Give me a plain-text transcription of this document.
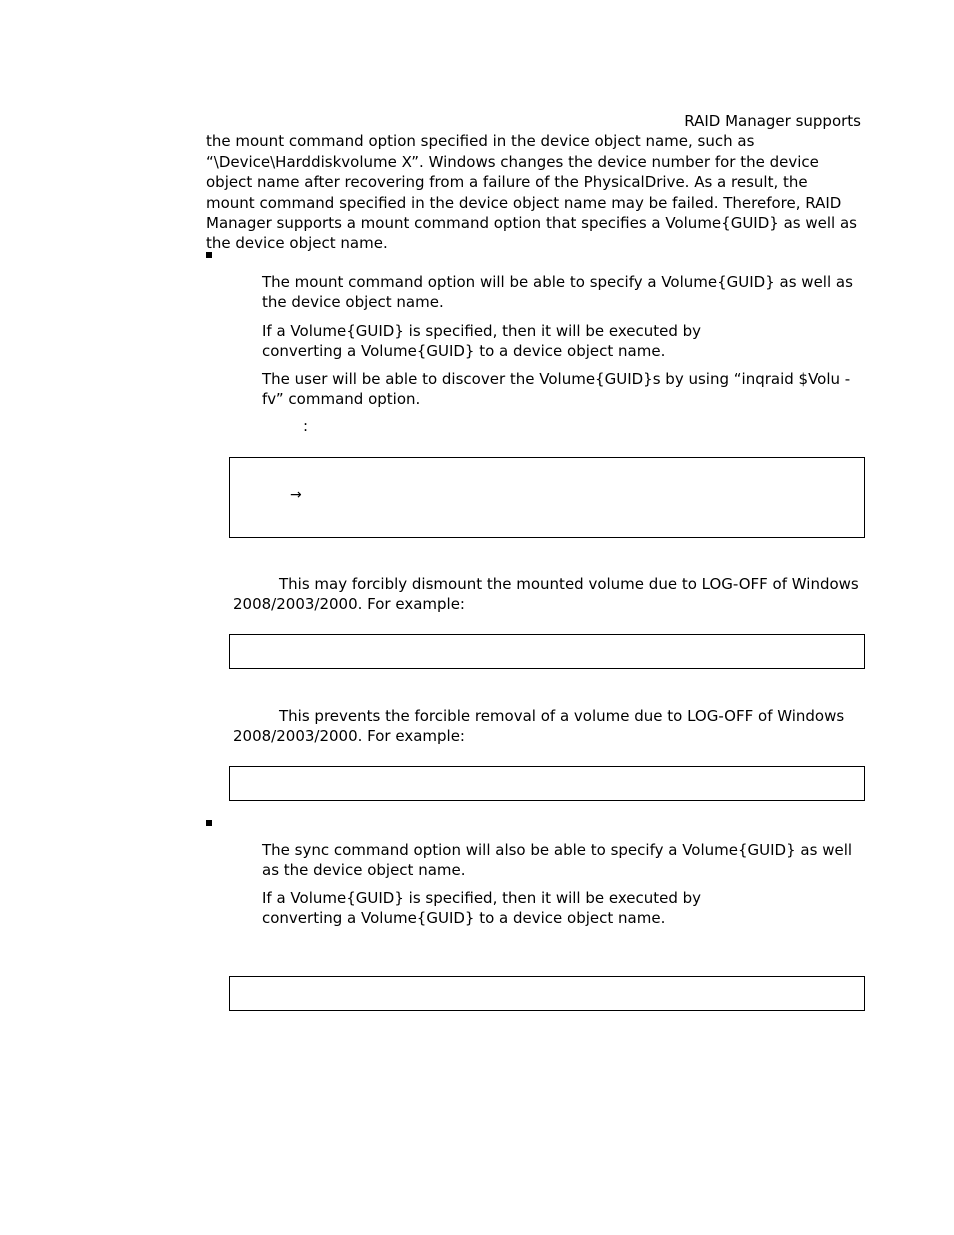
RAID Manager supports
the mount command option specified in the device object name, such as “\Device\Harddiskvolume X”. Windows changes the device number for the device object name after recovering from a failure of the PhysicalDrive. As a result, the mount command specified in the device object name may be failed. Therefore, RAID Manager supports a mount command option that specifies a Volume{GUID} as well as the device object name.

The mount command option will be able to specify a Volume{GUID} as well as the device object name.

If a Volume{GUID} is specified, then it will be executed by converting a Volume{GUID} to a device object name.

The user will be able to discover the Volume{GUID}s by using “inqraid $Volu -fv” command option.

:
→

This may forcibly dismount the mounted volume due to LOG-OFF of Windows 2008/2003/2000. For example:

This prevents the forcible removal of a volume due to LOG-OFF of Windows 2008/2003/2000. For example:

The sync command option will also be able to specify a Volume{GUID} as well as the device object name.

If a Volume{GUID} is specified, then it will be executed by converting a Volume{GUID} to a device object name.
